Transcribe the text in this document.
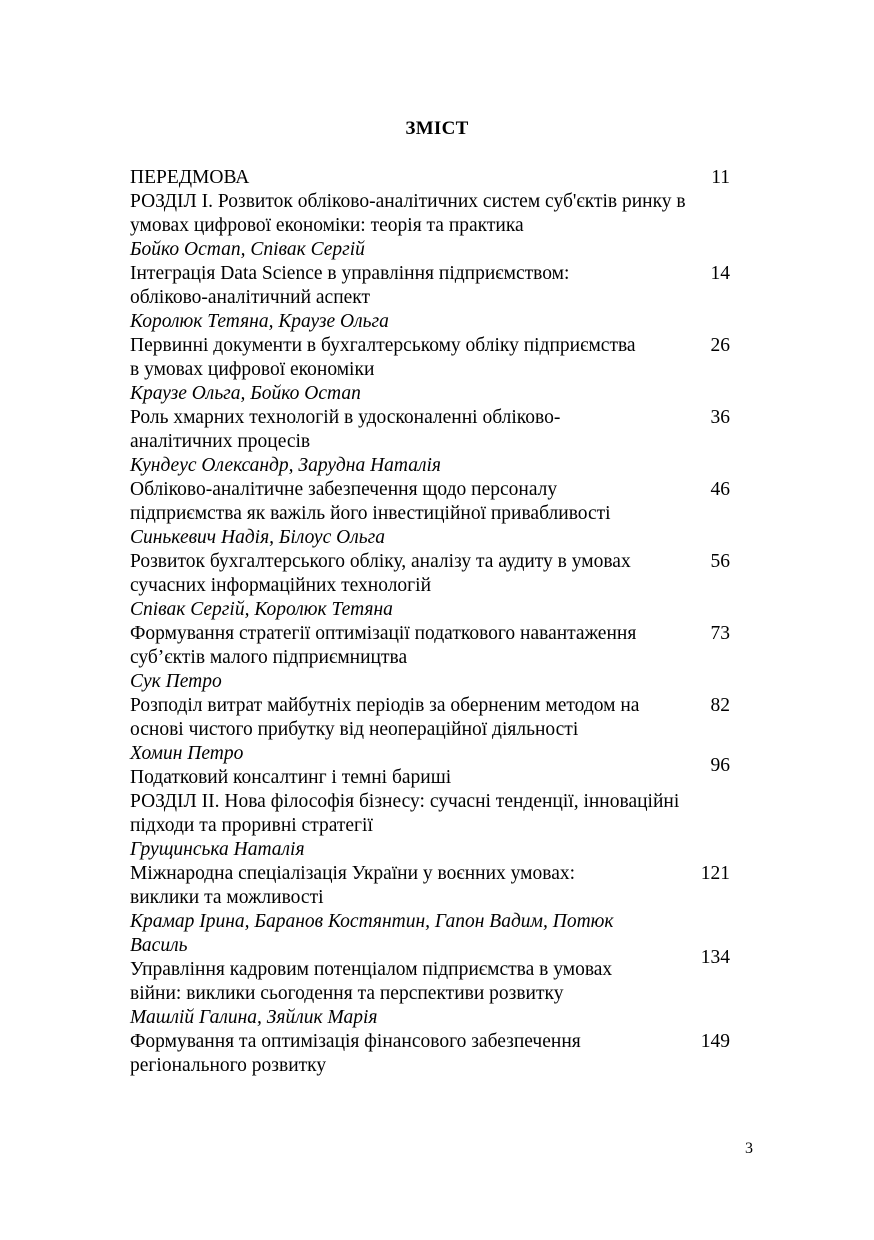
ЗМІСТ
ПЕРЕДМОВА	11
РОЗДІЛ І. Розвиток обліково-аналітичних систем суб'єктів ринку в
умовах цифрової економіки: теорія та практика
Бойко Остап, Співак Сергій
Інтеграція Data Science в управління підприємством:
обліково-аналітичний аспект
14
Королюк Тетяна, Краузе Ольга
Первинні документи в бухгалтерському обліку підприємства
в умовах цифрової економіки
26
Краузе Ольга, Бойко Остап
Роль хмарних технологій в удосконаленні обліково-
аналітичних процесів
36
Кундеус Олександр, Зарудна Наталія
Обліково-аналітичне забезпечення щодо персоналу
підприємства як важіль його інвестиційної привабливості
46
Синькевич Надія, Білоус Ольга
Розвиток бухгалтерського обліку, аналізу та аудиту в умовах
сучасних інформаційних технологій
56
Співак Сергій, Королюк Тетяна
Формування стратегії оптимізації податкового навантаження
суб’єктів малого підприємництва
73
Сук Петро
Розподіл витрат майбутніх періодів за оберненим методом на
основі чистого прибутку від неопераційної діяльності
82
Хомин Петро
96
Податковий консалтинг і темні бариші
РОЗДІЛ ІІ. Нова філософія бізнесу: сучасні тенденції, інноваційні
підходи та проривні стратегії
Грущинська Наталія
Міжнародна спеціалізація України у воєнних умовах:
виклики та можливості
121
Крамар Ірина, Баранов Костянтин, Гапон Вадим, Потюк
Василь
Управління кадровим потенціалом підприємства в умовах
війни: виклики сьогодення та перспективи розвитку
134
Машлій Галина, Зяйлик Марія
Формування та оптимізація фінансового забезпечення
регіонального розвитку
149
3
